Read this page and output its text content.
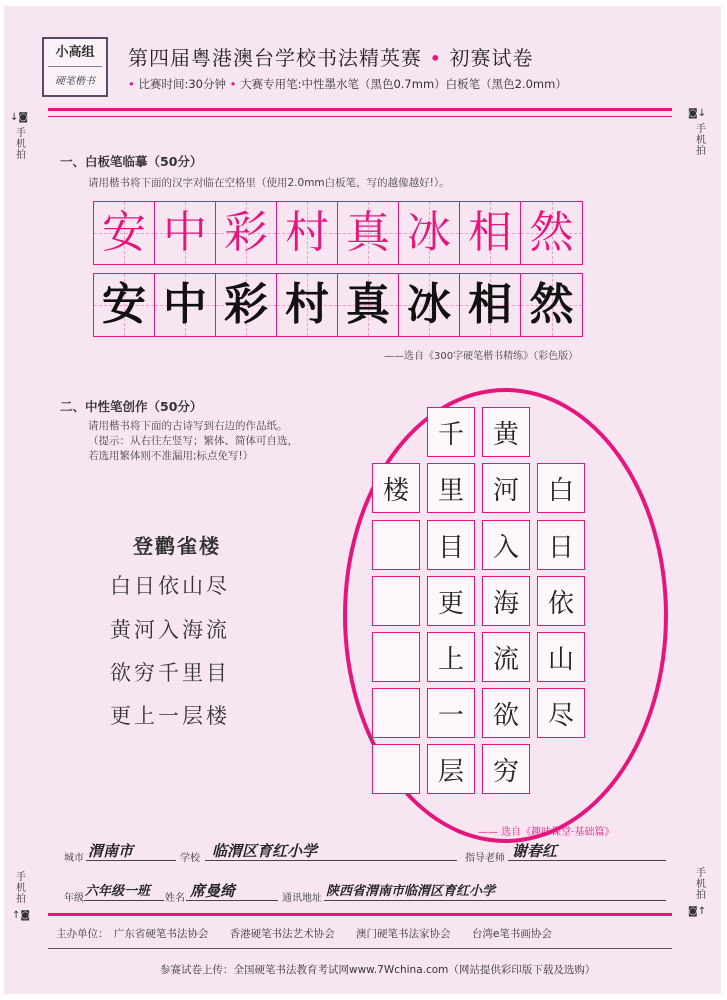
小高组
硬笔楷书
第四届粤港澳台学校书法精英赛 • 初赛试卷
• 比赛时间:30分钟 • 大赛专用笔:中性墨水笔（黑色0.7mm）白板笔（黑色2.0mm）
↓◙
手机拍
◙↓
手机拍
手机拍
↑◙
手机拍
◙↑
一、白板笔临摹（50分）
请用楷书将下面的汉字对临在空格里（使用2.0mm白板笔，写的越像越好!）。
安 中 彩 村 真 冰 相 然
安 中 彩 村 真 冰 相 然
——选自《300字硬笔楷书精练》（彩色版）
二、中性笔创作（50分）
请用楷书将下面的古诗写到右边的作品纸。
（提示：从右往左竖写；繁体、简体可自选，
若选用繁体则不准漏用;标点免写!）
登鹳雀楼
白日依山尽
黄河入海流
欲穷千里目
更上一层楼
白
日
依
山
尽
黄
河
入
海
流
欲
穷
千
里
目
更
上
一
层
楼
—— 选自《趣味课堂·基础篇》
城市 渭南市	学校 临渭区育红小学	指导老师 谢春红
年级 六年级一班 姓名 席曼绮	通讯地址 陕西省渭南市临渭区育红小学
主办单位： 广东省硬笔书法协会 香港硬笔书法艺术协会 澳门硬笔书法家协会 台湾e笔书画协会
参赛试卷上传：全国硬笔书法教育考试网www.7Wchina.com（网站提供彩印版下载及选购）
